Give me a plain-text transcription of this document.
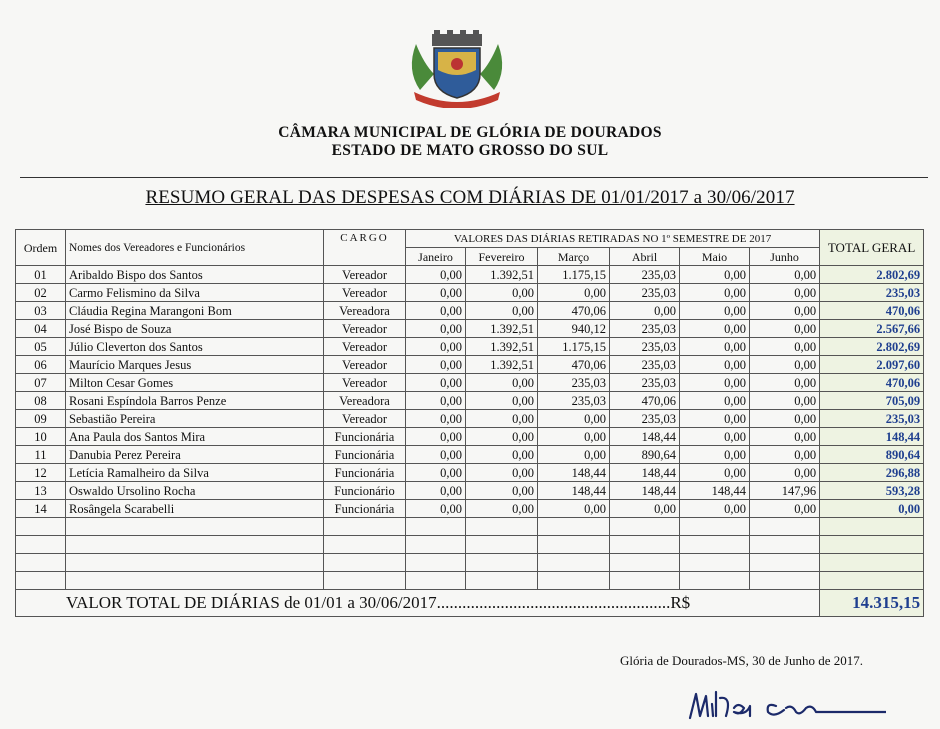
CÂMARA MUNICIPAL DE GLÓRIA DE DOURADOS
ESTADO DE MATO GROSSO DO SUL
RESUMO GERAL DAS DESPESAS COM DIÁRIAS DE 01/01/2017 a 30/06/2017
Ordem	Nomes dos Vereadores e Funcionários	CARGO	VALORES DAS DIÁRIAS RETIRADAS NO 1º SEMESTRE DE 2017						TOTAL GERAL
			Janeiro	Fevereiro	Março	Abril	Maio	Junho	
01	Aribaldo Bispo dos Santos	Vereador	0,00	1.392,51	1.175,15	235,03	0,00	0,00	2.802,69
02	Carmo Felismino da Silva	Vereador	0,00	0,00	0,00	235,03	0,00	0,00	235,03
03	Cláudia Regina Marangoni Bom	Vereadora	0,00	0,00	470,06	0,00	0,00	0,00	470,06
04	José Bispo de Souza	Vereador	0,00	1.392,51	940,12	235,03	0,00	0,00	2.567,66
05	Júlio Cleverton dos Santos	Vereador	0,00	1.392,51	1.175,15	235,03	0,00	0,00	2.802,69
06	Maurício Marques Jesus	Vereador	0,00	1.392,51	470,06	235,03	0,00	0,00	2.097,60
07	Milton Cesar Gomes	Vereador	0,00	0,00	235,03	235,03	0,00	0,00	470,06
08	Rosani Espíndola Barros Penze	Vereadora	0,00	0,00	235,03	470,06	0,00	0,00	705,09
09	Sebastião Pereira	Vereador	0,00	0,00	0,00	235,03	0,00	0,00	235,03
10	Ana Paula dos Santos Mira	Funcionária	0,00	0,00	0,00	148,44	0,00	0,00	148,44
11	Danubia Perez Pereira	Funcionária	0,00	0,00	0,00	890,64	0,00	0,00	890,64
12	Letícia Ramalheiro da Silva	Funcionária	0,00	0,00	148,44	148,44	0,00	0,00	296,88
13	Oswaldo Ursolino Rocha	Funcionário	0,00	0,00	148,44	148,44	148,44	147,96	593,28
14	Rosângela Scarabelli	Funcionária	0,00	0,00	0,00	0,00	0,00	0,00	0,00

VALOR TOTAL DE DIÁRIAS de 01/01 a 30/06/2017.......................................................R$									14.315,15
Glória de Dourados-MS, 30 de Junho de 2017.
